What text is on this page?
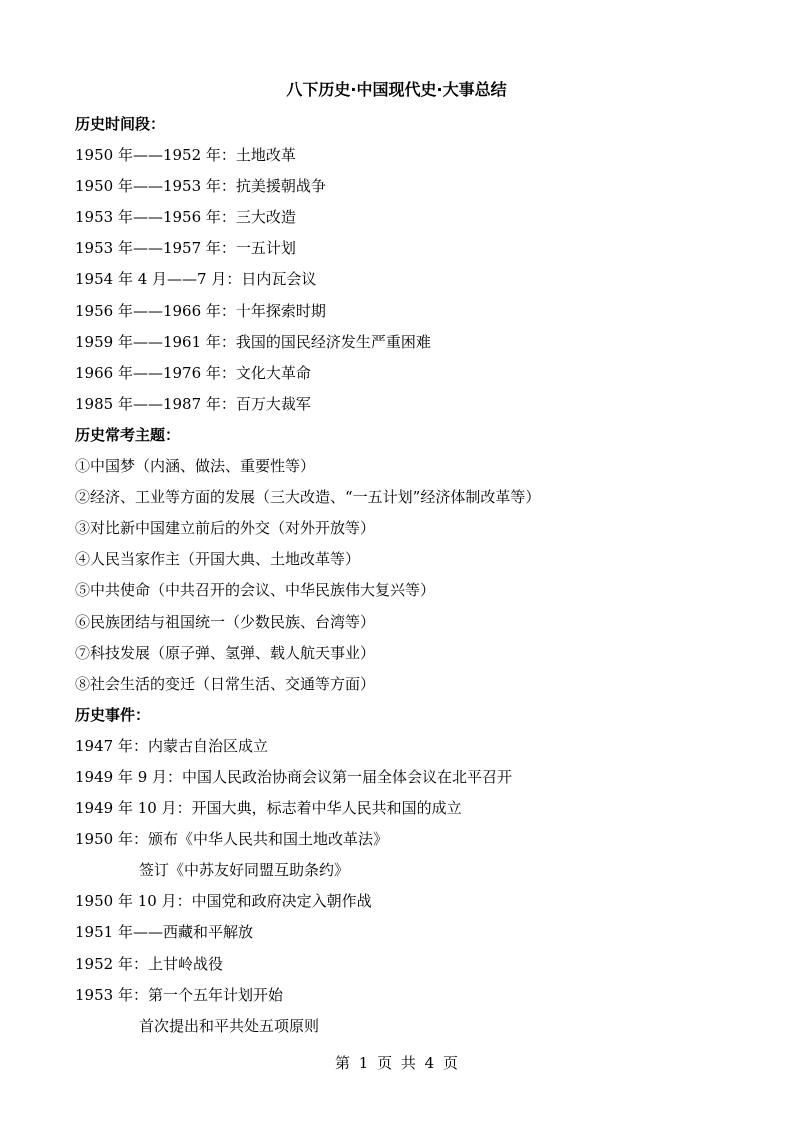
八下历史·中国现代史·大事总结
历史时间段：
1950 年——1952 年：土地改革
1950 年——1953 年：抗美援朝战争
1953 年——1956 年：三大改造
1953 年——1957 年：一五计划
1954 年 4 月——7 月：日内瓦会议
1956 年——1966 年：十年探索时期
1959 年——1961 年：我国的国民经济发生严重困难
1966 年——1976 年：文化大革命
1985 年——1987 年：百万大裁军
历史常考主题：
①中国梦（内涵、做法、重要性等）
②经济、工业等方面的发展（三大改造、“一五计划”经济体制改革等）
③对比新中国建立前后的外交（对外开放等）
④人民当家作主（开国大典、土地改革等）
⑤中共使命（中共召开的会议、中华民族伟大复兴等）
⑥民族团结与祖国统一（少数民族、台湾等）
⑦科技发展（原子弹、氢弹、载人航天事业）
⑧社会生活的变迁（日常生活、交通等方面）
历史事件：
1947 年：内蒙古自治区成立
1949 年 9 月：中国人民政治协商会议第一届全体会议在北平召开
1949 年 10 月：开国大典，标志着中华人民共和国的成立
1950 年：颁布《中华人民共和国土地改革法》
签订《中苏友好同盟互助条约》
1950 年 10 月：中国党和政府决定入朝作战
1951 年——西藏和平解放
1952 年：上甘岭战役
1953 年：第一个五年计划开始
首次提出和平共处五项原则
第 1 页 共 4 页
